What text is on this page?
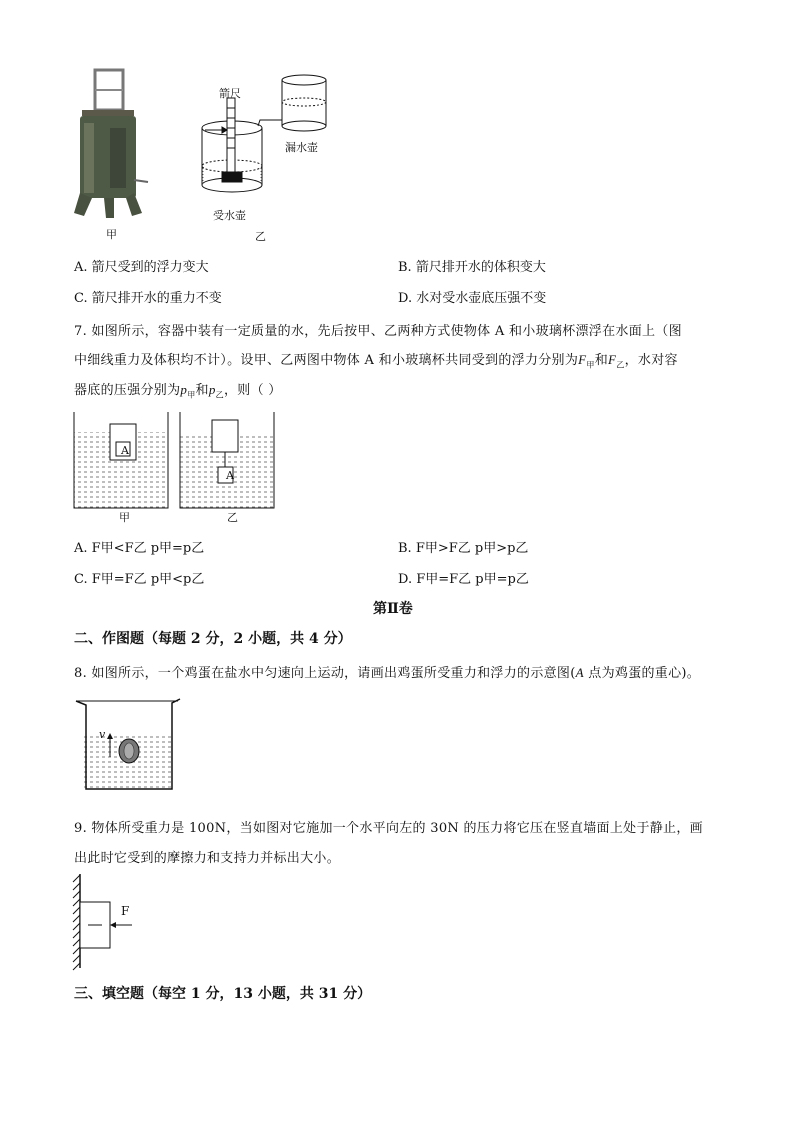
箭尺
漏水壶
受水壶
甲	乙
A. 箭尺受到的浮力变大	B. 箭尺排开水的体积变大
C. 箭尺排开水的重力不变	D. 水对受水壶底压强不变
7. 如图所示，容器中装有一定质量的水，先后按甲、乙两种方式使物体 A 和小玻璃杯漂浮在水面上（图
中细线重力及体积均不计）。设甲、乙两图中物体 A 和小玻璃杯共同受到的浮力分别为$F_甲$和$F_乙$，水对容
器底的压强分别为$p_甲$和$p_乙$，则（ ）
A
A
甲	乙
A. F甲<F乙 p甲=p乙	B. F甲>F乙 p甲>p乙
C. F甲=F乙 p甲<p乙	D. F甲=F乙 p甲=p乙
第Ⅱ卷
二、作图题（每题 2 分，2 小题，共 4 分）
8. 如图所示，一个鸡蛋在盐水中匀速向上运动，请画出鸡蛋所受重力和浮力的示意图(A 点为鸡蛋的重心)。
v
9. 物体所受重力是 100N，当如图对它施加一个水平向左的 30N 的压力将它压在竖直墙面上处于静止，画
出此时它受到的摩擦力和支持力并标出大小。
F
三、填空题（每空 1 分，13 小题，共 31 分）
